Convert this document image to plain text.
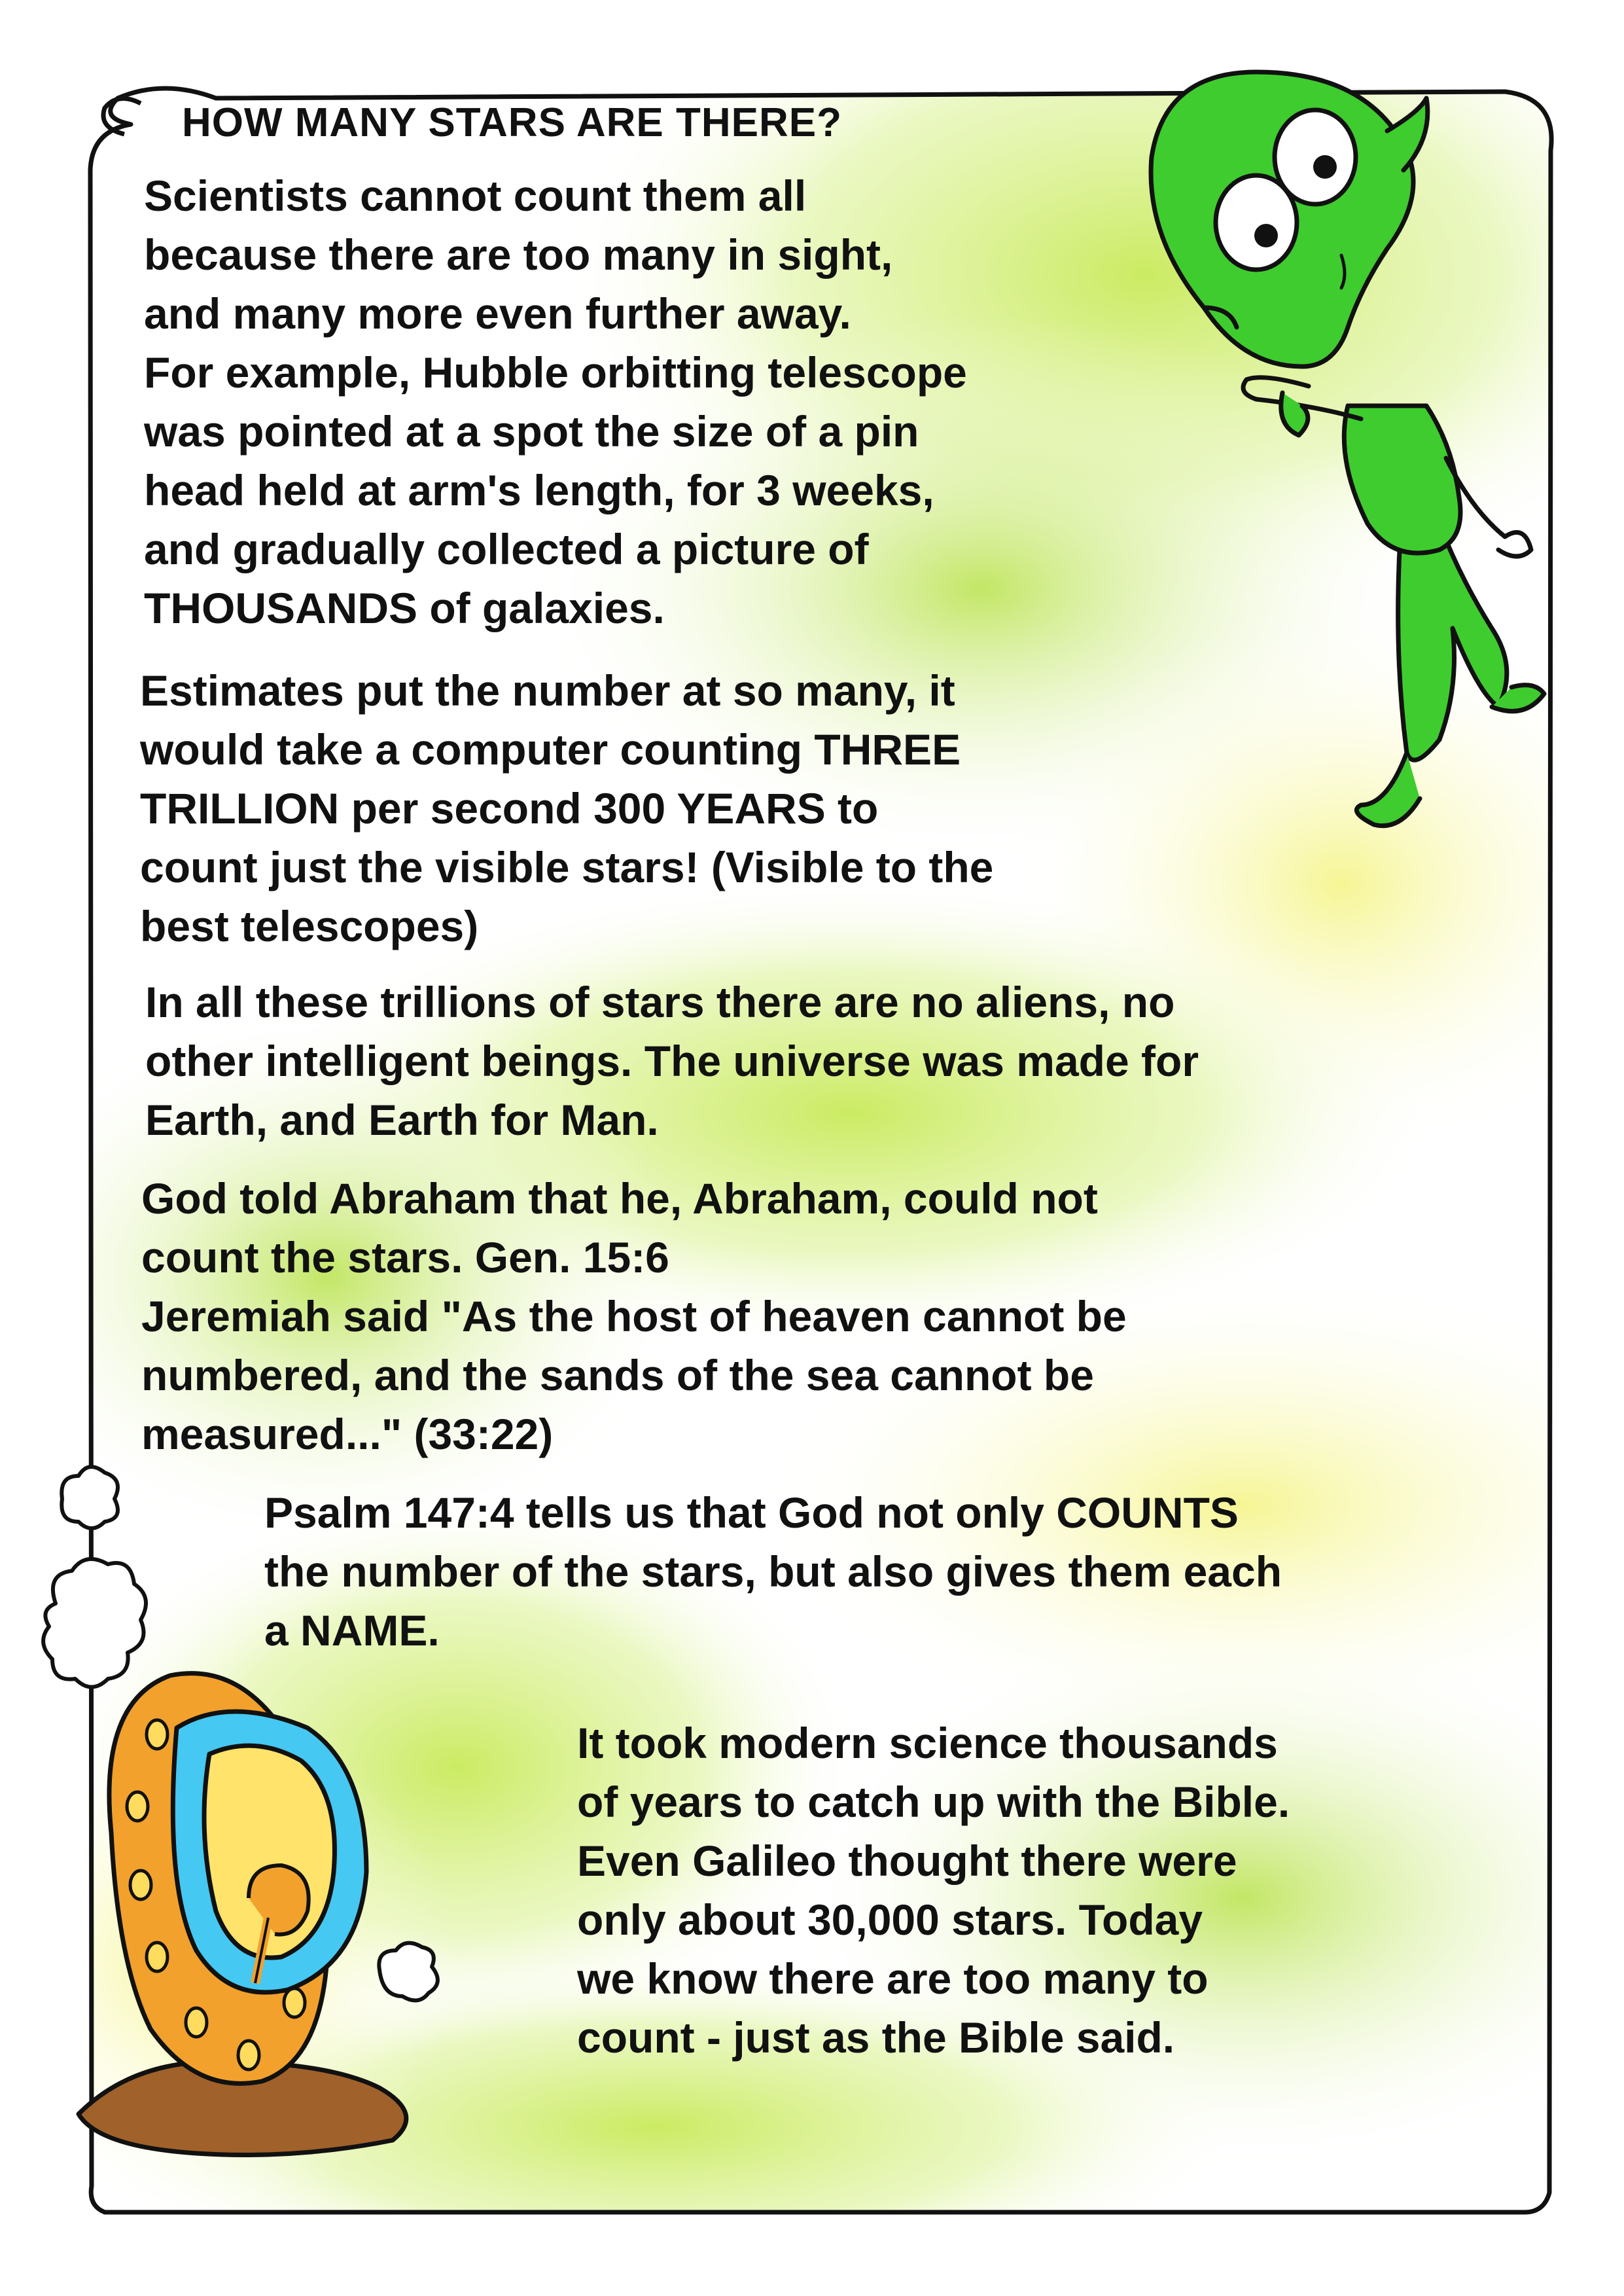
HOW MANY STARS ARE THERE?
Scientists cannot count them all
because there are too many in sight,
and many more even further away.
For example, Hubble orbitting telescope
was pointed at a spot the size of a pin
head held at arm's length, for 3 weeks,
and gradually collected a picture of
THOUSANDS of galaxies.
Estimates put the number at so many, it
would take a computer counting THREE
TRILLION per second 300 YEARS to
count just the visible stars! (Visible to the
best telescopes)
In all these trillions of stars there are no aliens, no
other intelligent beings. The universe was made for
Earth, and Earth for Man.
God told Abraham that he, Abraham, could not
count the stars. Gen. 15:6
Jeremiah said "As the host of heaven cannot be
numbered, and the sands of the sea cannot be
measured..." (33:22)
Psalm 147:4 tells us that God not only COUNTS
the number of the stars, but also gives them each
a NAME.
It took modern science thousands
of years to catch up with the Bible.
Even Galileo thought there were
only about 30,000 stars. Today
we know there are too many to
count - just as the Bible said.
